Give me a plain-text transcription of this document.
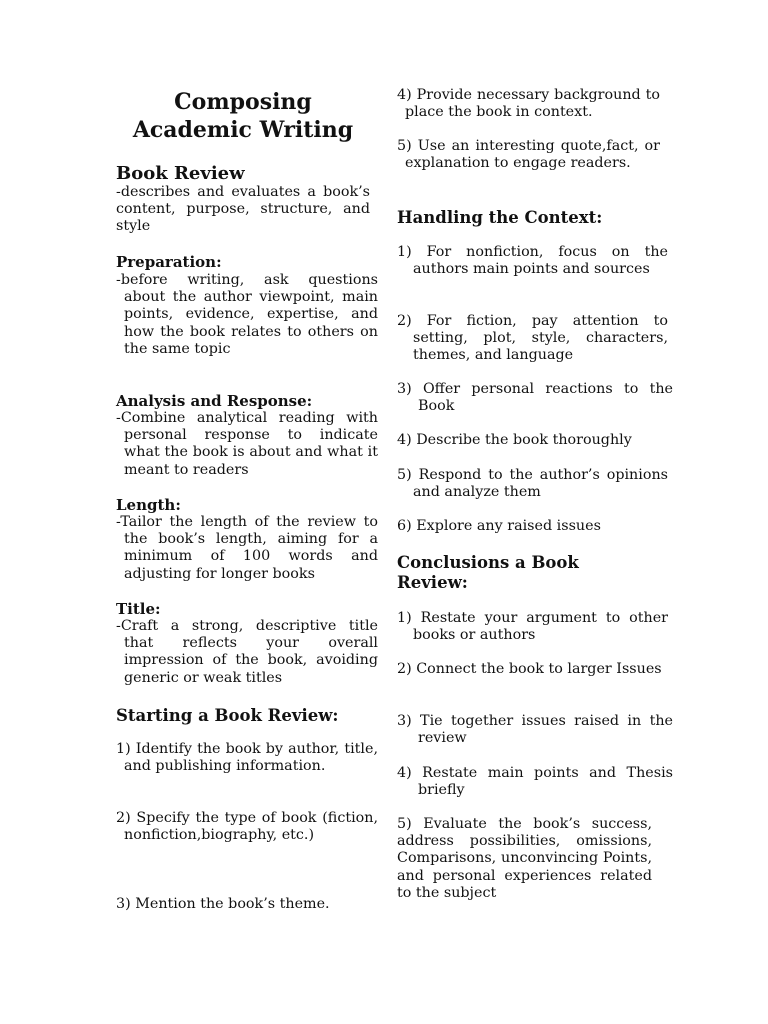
Composing Academic Writing
Book Review

-describes and evaluates a book’s content, purpose, structure, and style

Preparation:

-before writing, ask questions about the author viewpoint, main points, evidence, expertise, and how the book relates to others on the same topic

Analysis and Response:

-Combine analytical reading with personal response to indicate what the book is about and what it meant to readers

Length:

-Tailor the length of the review to the book’s length, aiming for a minimum of 100 words and adjusting for longer books

Title:

-Craft a strong, descriptive title that reflects your overall impression of the book, avoiding generic or weak titles

Starting a Book Review:

1) Identify the book by author, title, and publishing information.

2) Specify the type of book (fiction, nonfiction,biography, etc.)

3) Mention the book’s theme.

4) Provide necessary background to place the book in context.

5) Use an interesting quote,fact, or explanation to engage readers.

Handling the Context:

1) For nonfiction, focus on the authors main points and sources

2) For fiction, pay attention to setting, plot, style, characters, themes, and language

3) Offer personal reactions to the Book

4) Describe the book thoroughly

5) Respond to the author’s opinions and analyze them

6) Explore any raised issues

Conclusions a Book Review:

1) Restate your argument to other books or authors

2) Connect the book to larger Issues

3) Tie together issues raised in the review

4) Restate main points and Thesis briefly

5) Evaluate the book’s success, address possibilities, omissions, Comparisons, unconvincing Points, and personal experiences related to the subject
